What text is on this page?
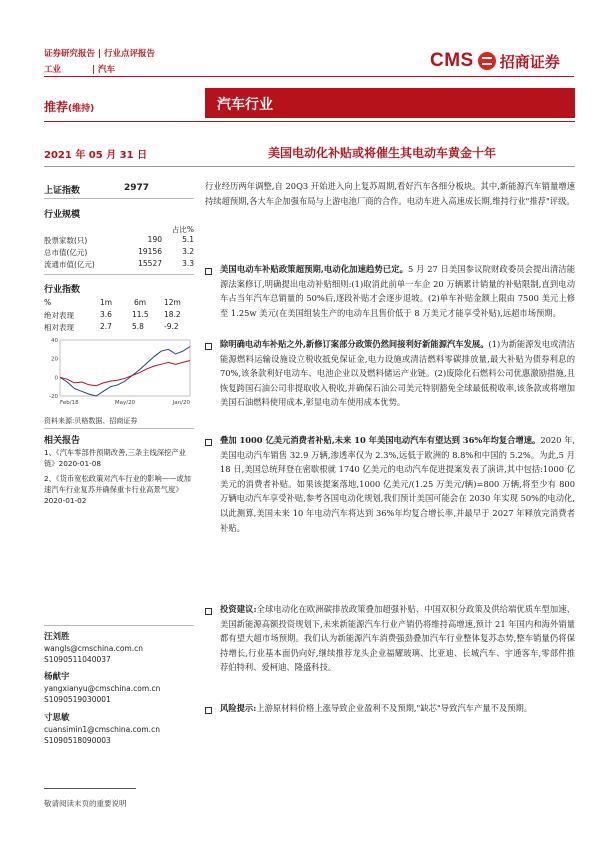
证券研究报告 | 行业点评报告
工业	| 汽车	CMS 招商证券
推荐(维持)	汽车行业
2021 年 05 月 31 日	美国电动化补贴或将催生其电动车黄金十年
上证指数	2977
行业规模
占比%
股票家数(只)	190	5.1
总市值(亿元)	19156	3.2
流通市值(亿元)	15527	3.3
行业指数
%	1m	6m 12m
绝对表现	3.6	11.5 18.2
相对表现	2.7	5.8	-9.2
40
20
0
-20
Feb/18	May/20	Jan/20
资料来源:贝格数据、招商证券
相关报告
1、《汽车零部件预期改善,三条主线深挖产业链》2020-01-08
2、《货币宽松政策对汽车行业的影响——或加速汽车行业复苏并确保重卡行业高景气度》2020-01-02
汪刘胜
wangls@cmschina.com.cn
S1090511040037
杨献宇
yangxianyu@cmschina.com.cn
S1090519030001
寸思敏
cuansimin1@cmschina.com.cn
S1090518090003
行业经历两年调整,自 20Q3 开始进入向上复苏周期,看好汽车各细分板块。其中,新能源汽车销量增速持续超预期,各大车企加强布局与上游电池厂商的合作。电动车进入高速成长期,维持行业"推荐"评级。
美国电动车补贴政策超预期,电动化加速趋势已定。5 月 27 日美国参议院财政委员会提出清洁能源法案修订,明确提出电动补贴细则:(1)取消此前单一车企 20 万辆累计销量的补贴限制,直到电动车占当年汽车总销量的 50%后,逐段补贴才会逐步退坡。(2)单车补贴金额上限由 7500 美元上修至 1.25w 美元(在美国组装生产的电动车且售价低于 8 万美元才能享受补贴),远超市场预期。
除明确电动车补贴之外,新修订案部分政策仍然间接利好新能源汽车发展。(1)为新能源发电或清洁能源燃料运输设施设立税收抵免保证金,电力设施或清洁燃料零碳排放量,最大补贴为债券利息的 70%,该条款利好电动车、电池企业以及燃料储运产业链。(2)废除化石燃料公司优惠激励措施,且恢复跨国石油公司非提取收入税收,并确保石油公司美元特别豁免全球最低税收率,该条款或将增加美国石油燃料使用成本,彰显电动车使用成本优势。
叠加 1000 亿美元消费者补贴,未来 10 年美国电动汽车有望达到 36%年均复合增速。2020 年,美国电动汽车销售 32.9 万辆,渗透率仅为 2.3%,远低于欧洲的 8.8%和中国的 5.2%。为此,5 月 18 日,美国总统拜登在密歇根就 1740 亿美元的电动汽车促进提案发表了演讲,其中包括:1000 亿美元的消费者补贴。如果该提案落地,1000 亿美元/(1.25 万美元/辆)=800 万辆,将至少有 800 万辆电动汽车享受补贴,参考各国电动化规划,我们预计美国可能会在 2030 年实现 50%的电动化,以此测算,美国未来 10 年电动汽车将达到 36%年均复合增长率,并最早于 2027 年释放完消费者补贴。
投资建议:全球电动化在欧洲碳排放政策叠加超强补贴、中国双积分政策及供给端优质车型加速、美国新能源高额投资规划下,未来新能源汽车行业产销仍将维持高增速,预计 21 年国内和海外销量都有望大超市场预期。我们认为新能源汽车消费强劲叠加汽车行业整体复苏态势,整车销量仍将保持增长,行业基本面仍向好,继续推荐龙头企业福耀玻璃、比亚迪、长城汽车、宇通客车,零部件推荐伯特利、爱柯迪、隆盛科技。
风险提示:上游原材料价格上涨导致企业盈利不及预期,"缺芯"导致汽车产量不及预期。
敬请阅读末页的重要说明
